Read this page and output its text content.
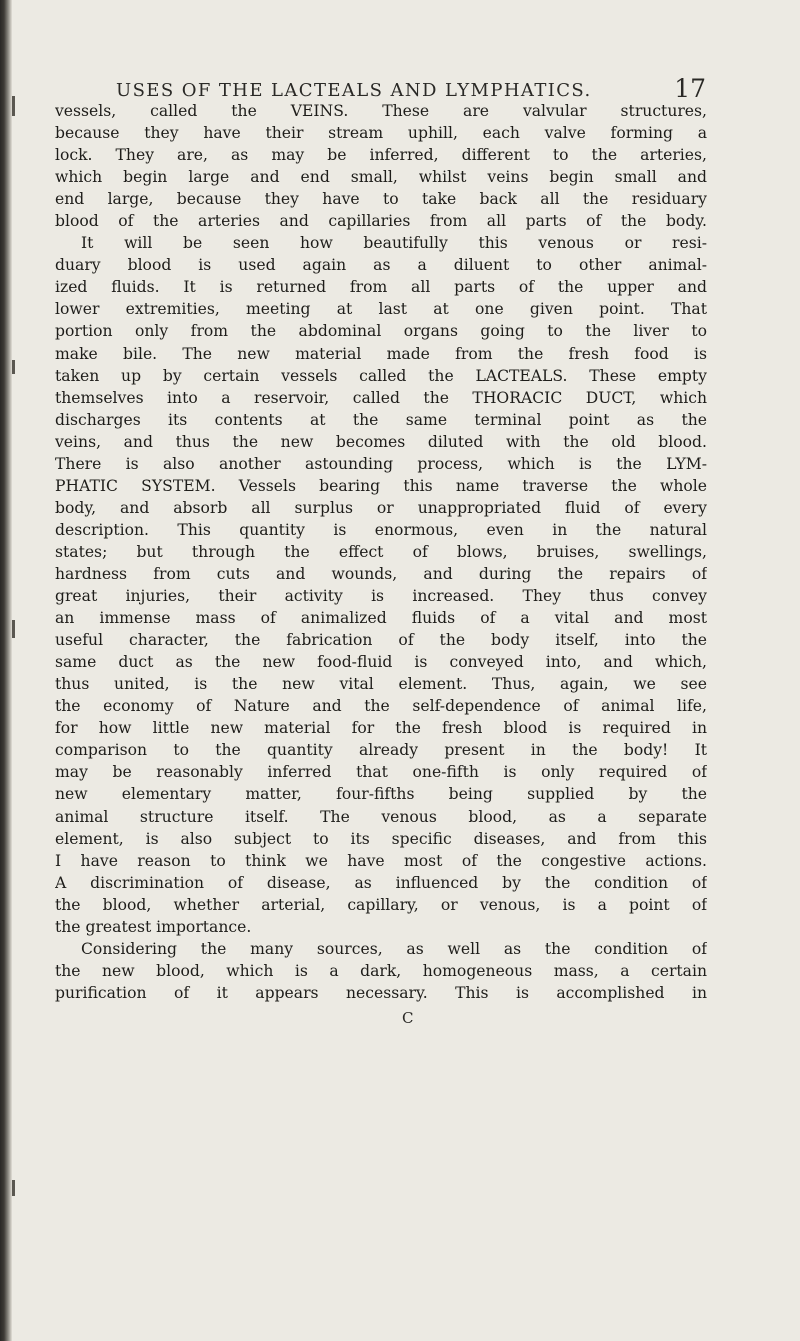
USES OF THE LACTEALS AND LYMPHATICS.	17
vessels, called the VEINS. These are valvular structures,
because they have their stream uphill, each valve forming a
lock. They are, as may be inferred, different to the arteries,
which begin large and end small, whilst veins begin small and
end large, because they have to take back all the residuary
blood of the arteries and capillaries from all parts of the body.
It will be seen how beautifully this venous or resi-
duary blood is used again as a diluent to other animal-
ized fluids. It is returned from all parts of the upper and
lower extremities, meeting at last at one given point. That
portion only from the abdominal organs going to the liver to
make bile. The new material made from the fresh food is
taken up by certain vessels called the LACTEALS. These empty
themselves into a reservoir, called the THORACIC DUCT, which
discharges its contents at the same terminal point as the
veins, and thus the new becomes diluted with the old blood.
There is also another astounding process, which is the LYM-
PHATIC SYSTEM. Vessels bearing this name traverse the whole
body, and absorb all surplus or unappropriated fluid of every
description. This quantity is enormous, even in the natural
states; but through the effect of blows, bruises, swellings,
hardness from cuts and wounds, and during the repairs of
great injuries, their activity is increased. They thus convey
an immense mass of animalized fluids of a vital and most
useful character, the fabrication of the body itself, into the
same duct as the new food-fluid is conveyed into, and which,
thus united, is the new vital element. Thus, again, we see
the economy of Nature and the self-dependence of animal life,
for how little new material for the fresh blood is required in
comparison to the quantity already present in the body! It
may be reasonably inferred that one-fifth is only required of
new elementary matter, four-fifths being supplied by the
animal structure itself. The venous blood, as a separate
element, is also subject to its specific diseases, and from this
I have reason to think we have most of the congestive actions.
A discrimination of disease, as influenced by the condition of
the blood, whether arterial, capillary, or venous, is a point of
the greatest importance.
Considering the many sources, as well as the condition of
the new blood, which is a dark, homogeneous mass, a certain
purification of it appears necessary. This is accomplished in
C
